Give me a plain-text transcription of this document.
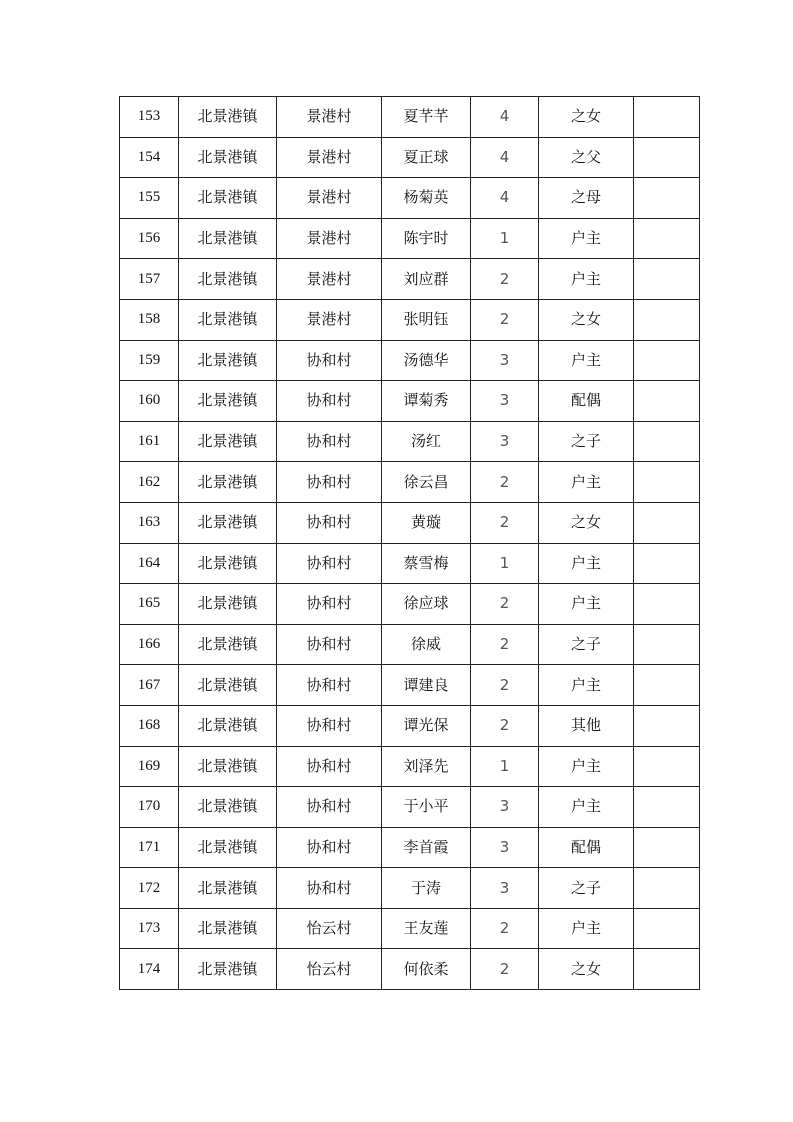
153	北景港镇	景港村	夏芊芊	4	之女	
154	北景港镇	景港村	夏正球	4	之父	
155	北景港镇	景港村	杨菊英	4	之母	
156	北景港镇	景港村	陈宇时	1	户主	
157	北景港镇	景港村	刘应群	2	户主	
158	北景港镇	景港村	张明钰	2	之女	
159	北景港镇	协和村	汤德华	3	户主	
160	北景港镇	协和村	谭菊秀	3	配偶	
161	北景港镇	协和村	汤红	3	之子	
162	北景港镇	协和村	徐云昌	2	户主	
163	北景港镇	协和村	黄璇	2	之女	
164	北景港镇	协和村	蔡雪梅	1	户主	
165	北景港镇	协和村	徐应球	2	户主	
166	北景港镇	协和村	徐威	2	之子	
167	北景港镇	协和村	谭建良	2	户主	
168	北景港镇	协和村	谭光保	2	其他	
169	北景港镇	协和村	刘泽先	1	户主	
170	北景港镇	协和村	于小平	3	户主	
171	北景港镇	协和村	李首霞	3	配偶	
172	北景港镇	协和村	于涛	3	之子	
173	北景港镇	怡云村	王友莲	2	户主	
174	北景港镇	怡云村	何依柔	2	之女	
